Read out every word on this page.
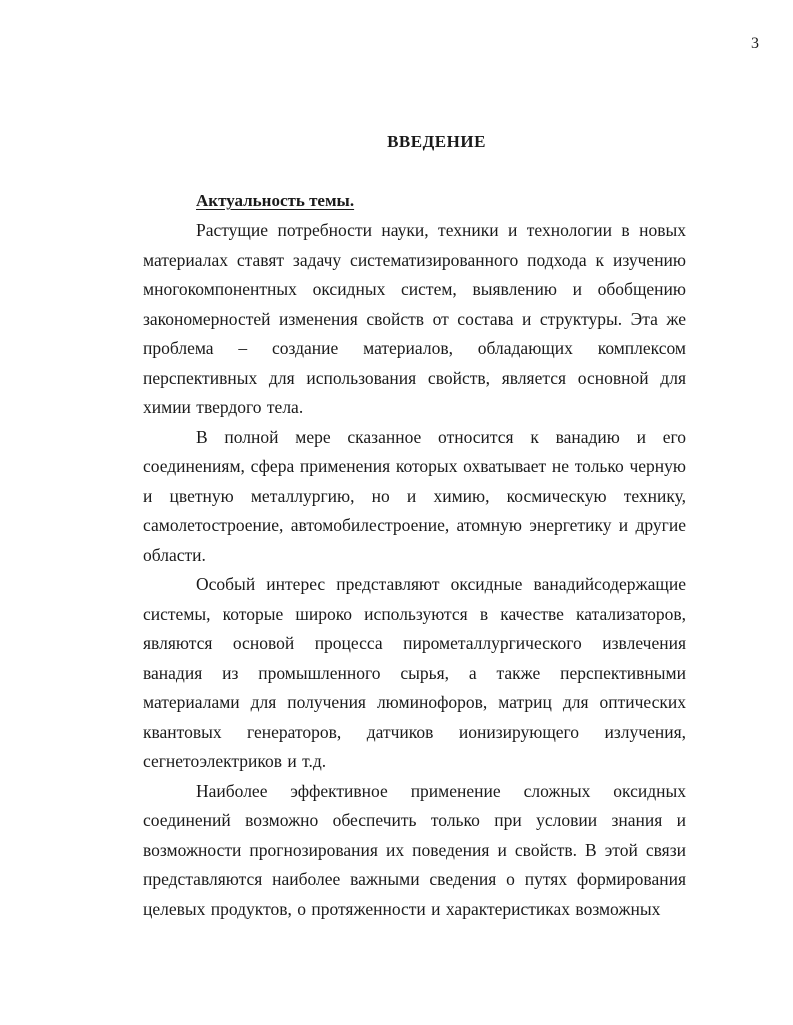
3
ВВЕДЕНИЕ
Актуальность темы.

Растущие потребности науки, техники и технологии в новых материалах ставят задачу систематизированного подхода к изучению многокомпонентных оксидных систем, выявлению и обобщению закономерностей изменения свойств от состава и структуры. Эта же проблема – создание материалов, обладающих комплексом перспективных для использования свойств, является основной для химии твердого тела.

В полной мере сказанное относится к ванадию и его соединениям, сфера применения которых охватывает не только черную и цветную металлургию, но и химию, космическую технику, самолетостроение, автомобилестроение, атомную энергетику и другие области.

Особый интерес представляют оксидные ванадийсодержащие системы, которые широко используются в качестве катализаторов, являются основой процесса пирометаллургического извлечения ванадия из промышленного сырья, а также перспективными материалами для получения люминофоров, матриц для оптических квантовых генераторов, датчиков ионизирующего излучения, сегнетоэлектриков и т.д.

Наиболее эффективное применение сложных оксидных соединений возможно обеспечить только при условии знания и возможности прогнозирования их поведения и свойств. В этой связи представляются наиболее важными сведения о путях формирования целевых продуктов, о протяженности и характеристиках возможных
